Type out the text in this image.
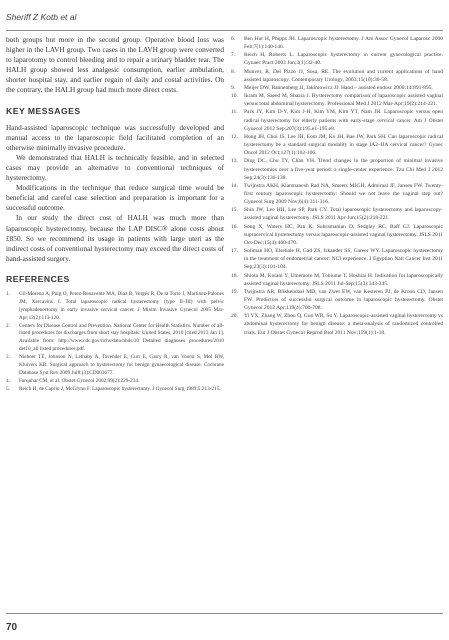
Sheriff Z Kotb et al

both groups but more in the second group. Operative blood loss was higher in the LAVH group. Two cases in the LAVH group were converted to laparotomy to control bleeding and to repair a urinary bladder tear. The HALH group showed less analgesic consumption, earlier ambulation, shorter hospital stay, and earlier regain of daily and costal activities. On the contrary, the HALH group had much more direct costs.

KEY MESSAGES

Hand-assisted laparoscopic technique was successfully developed and manual access to the laparoscopic field facilitated completion of an otherwise minimally invasive procedure.

We demonstrated that HALH is technically feasible, and in selected cases may provide an alternative to conventional techniques of hysterectomy.

Modifications in the technique that reduce surgical time would be beneficial and careful case selection and preparation is important for a successful outcome.

In our study the direct cost of HALH was much more than laparoscopic hysterectomy, because the LAP DISC® alone costs about £850. So we recommend its usage in patients with large uteri as the indirect costs of conventional hysterectomy may exceed the direct costs of hand-assisted surgery.

REFERENCES
1. Gil-Moreno A, Puig O, Perez-Benavente MA, Diaz B, Vergés R, De la Torre J, Martinez-Palones JM, Xercavins J. Total laparoscopic radical hysterectomy (type II–III) with pelvic lymphadenectomy in early invasive cervical cancer. J Minim Invasive Gynecol 2005 Mar-Apr;12(2):113-120.
2. Centers for Disease Control and Prevention. National Center for Health Statistics. Number of all-listed procedures for discharges from short stay hospitals: United States, 2010 [cited 2013 Jan 1]. Available from: http://www.cdc.gov/nchs/data/nhds/10 Detailed diagnoses procedures/2010 det10_all listed procedures.pdf.
3. Nieboer TE, Johnson N, Lethaby A, Tavender E, Curr E, Garry R, van Voorst S, Mol BW, Kluivers KB. Surgical approach to hysterectomy for benign gynaecological disease. Cochrane Database Syst Rev 2009 Jul8;(3):CD003677.
4. Farquhar CM, et al. Obstet Gynecol 2002;99(2):229-234.
5. Reich H, de Caprio J, McGlynn F. Laparoscopic hysterectomy. J Gynecol Surg 1989;5:213-215.
6. Ben Hur H, Phipps JH. Laparoscopic hysterectomy. J Am Assoc Gynecol Laparosc 2000 Feb;7(1):140-146.
7. Reich H, Roberts L. Laparoscopic hysterectomy in current gynecological practice. Gynaec Pract 2003 Jun;3(1):32-40.
8. Munver, R, Del Pizzo JJ, Sosa, RE. The evolution and current applications of hand assisted laparoscopy. Contemporary Urology, 2003;15(10):30-58.
9. Meijer DW, Bannenberg JJ, Jakimowicz JJ. Hand – assisted endosc 2000;14:891-895.
10. Ikram M, Saeed M, Sbazia J. Hysterectomy comparison of laparoscopic assisted vaginal versus total abdominal hysterectomy. Professional Med J 2012 Mar-Apr;19(2):214-221.
11. Park JY, Kim D-Y, Kim J-H, Kim YM, Kim YT, Nam JH. Laparoscopic versus open radical hysterectomy for elderly patients with early-stage cervical cancer. Am J Obstet Gynecol 2012 Sep;207(3):195.e1-195.e8.
12. Hong JH, Choi JS, Lee JH, Eom JM, Ko JH, Bae JW, Park SH. Can laparoscopic radical hysterectomy be a standard surgical modality in stage IA2–IIA cervical cancer? Gynec Oncol 2012 Oct;127(1):102-106.
13. Ding DC, Chu TY, Chan YH. Trend changes in the proportion of minimal invasive hysterectomies over a five-year period: a single-center experience. Tzu Chi Med J 2012 Sep;24(3):136-138.
14. Twijnstra AKH, Kianmanesh Rad NA, Smeets MJGH, Admiraal JF, Jansen FW. Twenty-first century laparoscopic hysterectomy: Should we not leave the vaginal step out? Gynecol Surg 2009 Nov;6(4):311-316.
15. Shin JW, Lee HH, Lee SP, Park CY. Total laparoscopic hysterectomy and laparoscopy-assisted vaginal hysterectomy. JSLS 2011 Apr-Jun;15(2):218-221.
16. Song X, Waters HC, Pan K, Subramanian D, Sedgley RC, Raff GJ. Laparoscopic supracervical hysterectomy versus laparoscopic-assisted vaginal hysterectomy. JSLS 2011 Oct-Dec;15(4):460-470.
17. Soliman HO, Elsebaie H, Gad ZS, Iskander SS, Gareer WY. Laparoscopic hysterectomy in the treatment of endometrial cancer: NCI experience. J Egyptian Natl Cancer Inst 2011 Sep;23(3):101-104.
18. Shiota M, Kotani Y, Umemoto M, Tobiume T, Hoshiai H. Indication for laparoscopically assisted vaginal hysterectomy. JSLS 2011 Jul-Sep;15(3):343-345.
19. Twijnstra AR, Blikkendaal MD, van Zwet EW, van Kesteren PJ, de Kroon CD, Jansen FW. Predictors of successful surgical outcome in laparoscopic hysterectomy. Obstet Gynecol 2012 Apr;119(4):700-708.
20. Yi YX, Zhang W, Zhou Q, Guo WR, Su Y. Laparoscopic-assisted vaginal hysterectomy vs abdominal hysterectomy for benign disease: a meta-analysis of randomized controlled trials. Eur J Obstet Gynecol Reprod Biol 2011 Nov;159(1):1-18.
70
